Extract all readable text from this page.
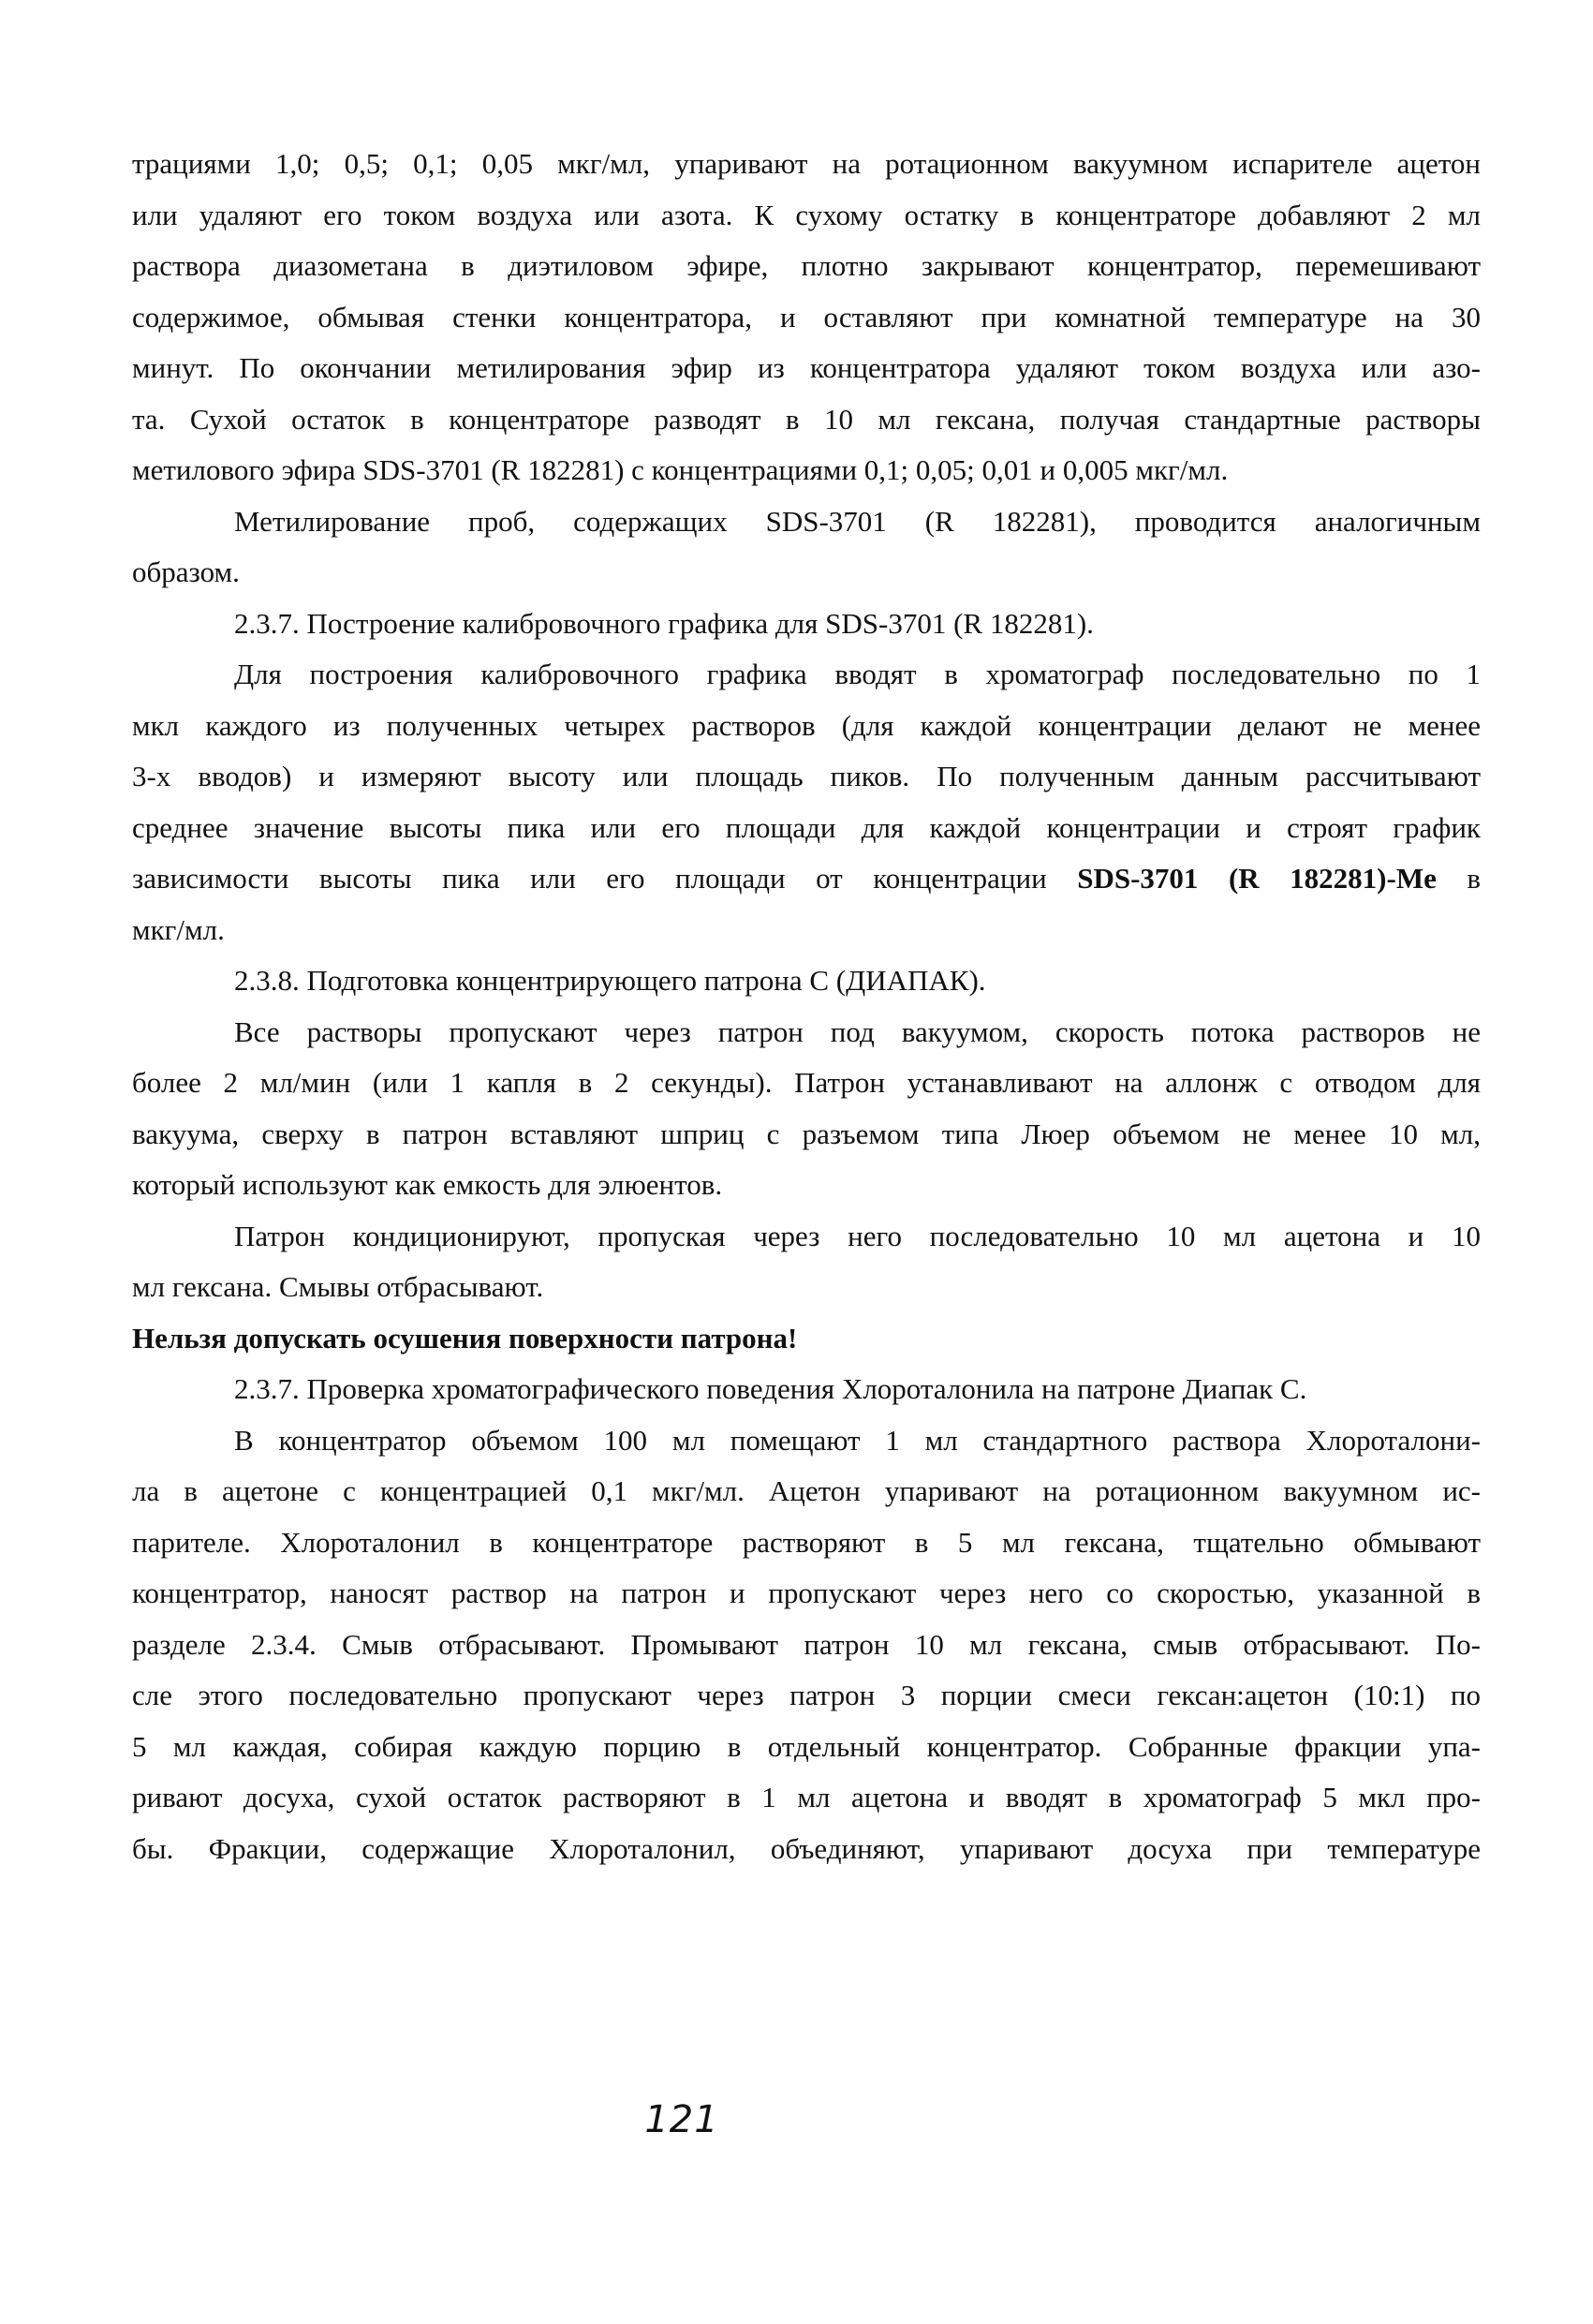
трациями 1,0; 0,5; 0,1; 0,05 мкг/мл, упаривают на ротационном вакуумном испарителе ацетон
или удаляют его током воздуха или азота. К сухому остатку в концентраторе добавляют 2 мл
раствора диазометана в диэтиловом эфире, плотно закрывают концентратор, перемешивают
содержимое, обмывая стенки концентратора, и оставляют при комнатной температуре на 30
минут. По окончании метилирования эфир из концентратора удаляют током воздуха или азо-
та. Сухой остаток в концентраторе разводят в 10 мл гексана, получая стандартные растворы
метилового эфира SDS-3701 (R 182281) с концентрациями 0,1; 0,05; 0,01 и 0,005 мкг/мл.
Метилирование проб, содержащих SDS-3701 (R 182281), проводится аналогичным
образом.
2.3.7. Построение калибровочного графика для SDS-3701 (R 182281).
Для построения калибровочного графика вводят в хроматограф последовательно по 1
мкл каждого из полученных четырех растворов (для каждой концентрации делают не менее
3-х вводов) и измеряют высоту или площадь пиков. По полученным данным рассчитывают
среднее значение высоты пика или его площади для каждой концентрации и строят график
зависимости высоты пика или его площади от концентрации SDS-3701 (R 182281)-Me в
мкг/мл.
2.3.8. Подготовка концентрирующего патрона С (ДИАПАК).
Все растворы пропускают через патрон под вакуумом, скорость потока растворов не
более 2 мл/мин (или 1 капля в 2 секунды). Патрон устанавливают на аллонж с отводом для
вакуума, сверху в патрон вставляют шприц с разъемом типа Люер объемом не менее 10 мл,
который используют как емкость для элюентов.
Патрон кондиционируют, пропуская через него последовательно 10 мл ацетона и 10
мл гексана. Смывы отбрасывают.
Нельзя допускать осушения поверхности патрона!
2.3.7. Проверка хроматографического поведения Хлороталонила на патроне Диапак С.
В концентратор объемом 100 мл помещают 1 мл стандартного раствора Хлороталони-
ла в ацетоне с концентрацией 0,1 мкг/мл. Ацетон упаривают на ротационном вакуумном ис-
парителе. Хлороталонил в концентраторе растворяют в 5 мл гексана, тщательно обмывают
концентратор, наносят раствор на патрон и пропускают через него со скоростью, указанной в
разделе 2.3.4. Смыв отбрасывают. Промывают патрон 10 мл гексана, смыв отбрасывают. По-
сле этого последовательно пропускают через патрон 3 порции смеси гексан:ацетон (10:1) по
5 мл каждая, собирая каждую порцию в отдельный концентратор. Собранные фракции упа-
ривают досуха, сухой остаток растворяют в 1 мл ацетона и вводят в хроматограф 5 мкл про-
бы. Фракции, содержащие Хлороталонил, объединяют, упаривают досуха при температуре
121
